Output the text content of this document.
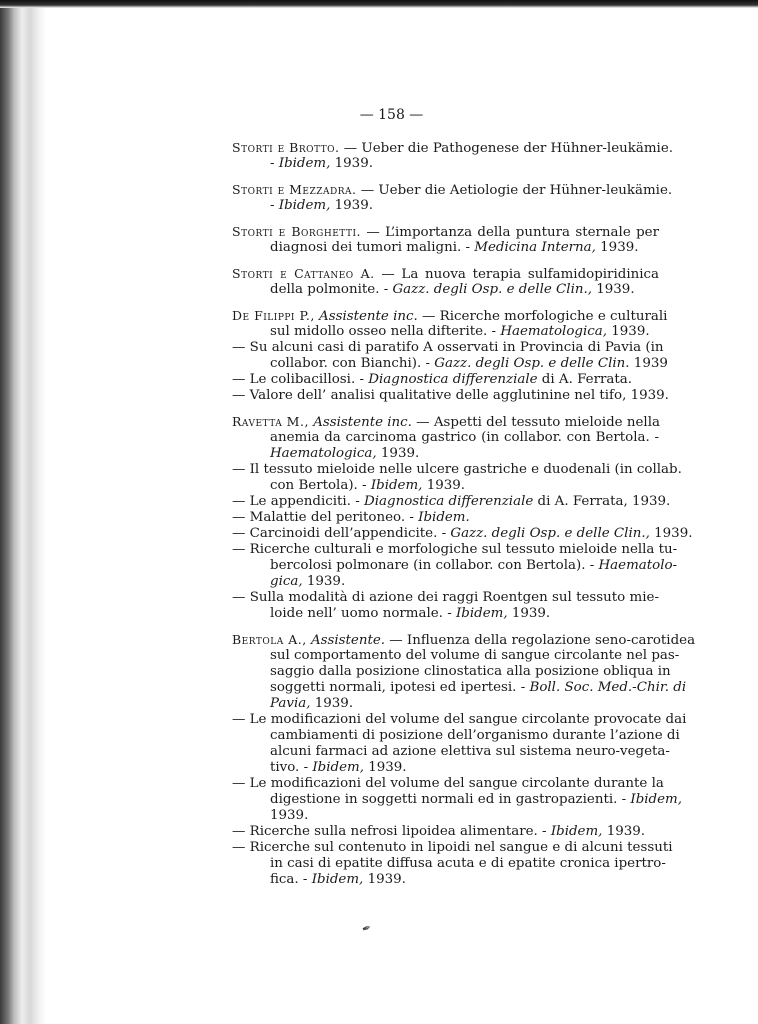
— 158 —
Storti e Brotto. — Ueber die Pathogenese der Hühner-leukämie.
- Ibidem, 1939.
Storti e Mezzadra. — Ueber die Aetiologie der Hühner-leukämie.
- Ibidem, 1939.
Storti e Borghetti. — L’importanza della puntura sternale per
diagnosi dei tumori maligni. - Medicina Interna, 1939.
Storti e Cattaneo A. — La nuova terapia sulfamidopiridinica
della polmonite. - Gazz. degli Osp. e delle Clin., 1939.
De Filippi P., Assistente inc. — Ricerche morfologiche e culturali
sul midollo osseo nella difterite. - Haematologica, 1939.
— Su alcuni casi di paratifo A osservati in Provincia di Pavia (in
collabor. con Bianchi). - Gazz. degli Osp. e delle Clin. 1939
— Le colibacillosi. - Diagnostica differenziale di A. Ferrata.
— Valore dell’ analisi qualitative delle agglutinine nel tifo, 1939.
Ravetta M., Assistente inc. — Aspetti del tessuto mieloide nella
anemia da carcinoma gastrico (in collabor. con Bertola. -
Haematologica, 1939.
— Il tessuto mieloide nelle ulcere gastriche e duodenali (in collab.
con Bertola). - Ibidem, 1939.
— Le appendiciti. - Diagnostica differenziale di A. Ferrata, 1939.
— Malattie del peritoneo. - Ibidem.
— Carcinoidi dell’appendicite. - Gazz. degli Osp. e delle Clin., 1939.
— Ricerche culturali e morfologiche sul tessuto mieloide nella tu-
bercolosi polmonare (in collabor. con Bertola). - Haematolo-
gica, 1939.
— Sulla modalità di azione dei raggi Roentgen sul tessuto mie-
loide nell’ uomo normale. - Ibidem, 1939.
Bertola A., Assistente. — Influenza della regolazione seno-carotidea
sul comportamento del volume di sangue circolante nel pas-
saggio dalla posizione clinostatica alla posizione obliqua in
soggetti normali, ipotesi ed ipertesi. - Boll. Soc. Med.-Chir. di
Pavia, 1939.
— Le modificazioni del volume del sangue circolante provocate dai
cambiamenti di posizione dell’organismo durante l’azione di
alcuni farmaci ad azione elettiva sul sistema neuro-vegeta-
tivo. - Ibidem, 1939.
— Le modificazioni del volume del sangue circolante durante la
digestione in soggetti normali ed in gastropazienti. - Ibidem,
1939.
— Ricerche sulla nefrosi lipoidea alimentare. - Ibidem, 1939.
— Ricerche sul contenuto in lipoidi nel sangue e di alcuni tessuti
in casi di epatite diffusa acuta e di epatite cronica ipertro-
fica. - Ibidem, 1939.
✒
